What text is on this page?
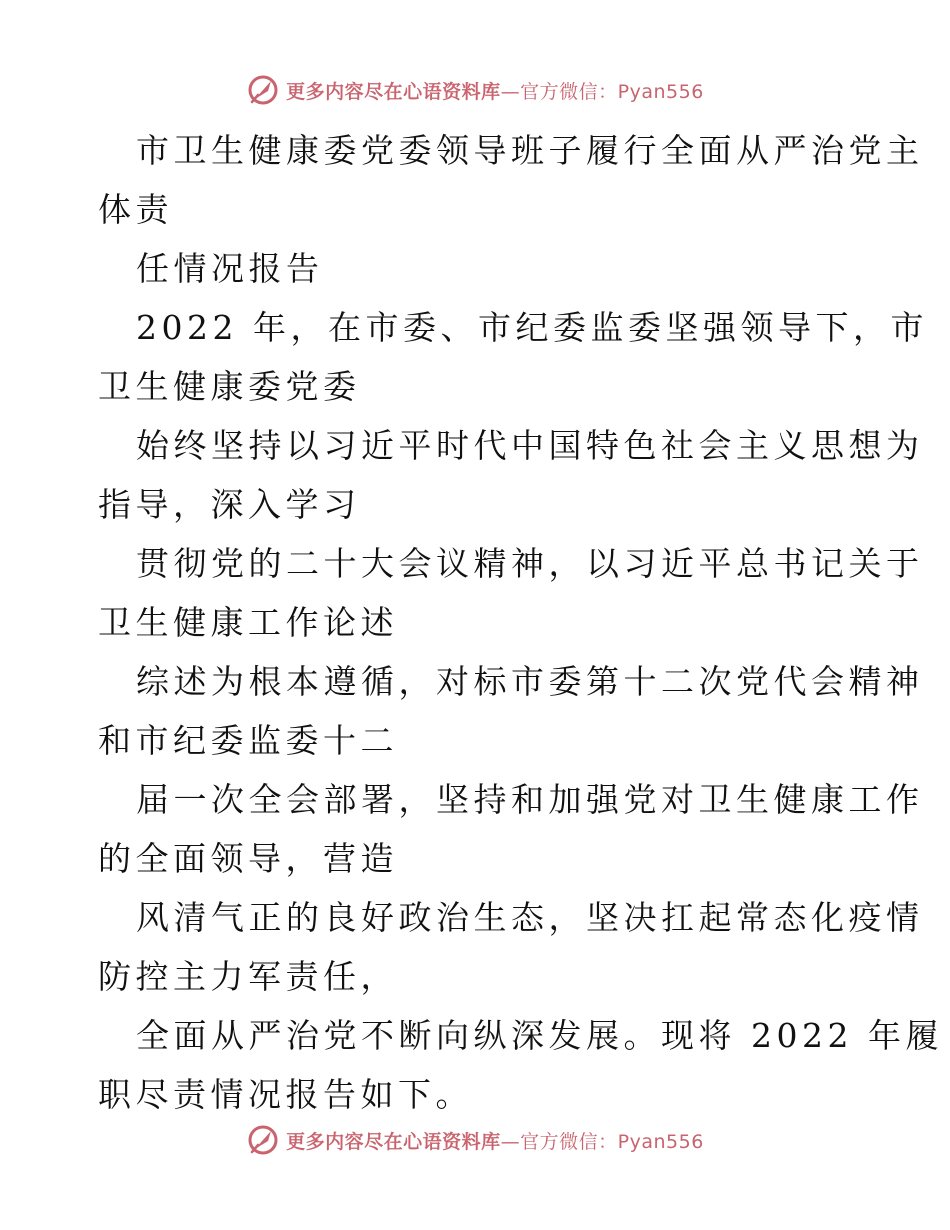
更多内容尽在心语资料库—官方微信：Pyan556
市卫生健康委党委领导班子履行全面从严治党主
体责
任情况报告
2022 年，在市委、市纪委监委坚强领导下，市
卫生健康委党委
始终坚持以习近平时代中国特色社会主义思想为
指导，深入学习
贯彻党的二十大会议精神，以习近平总书记关于
卫生健康工作论述
综述为根本遵循，对标市委第十二次党代会精神
和市纪委监委十二
届一次全会部署，坚持和加强党对卫生健康工作
的全面领导，营造
风清气正的良好政治生态，坚决扛起常态化疫情
防控主力军责任，
全面从严治党不断向纵深发展。现将 2022 年履
职尽责情况报告如下。
更多内容尽在心语资料库—官方微信：Pyan556
